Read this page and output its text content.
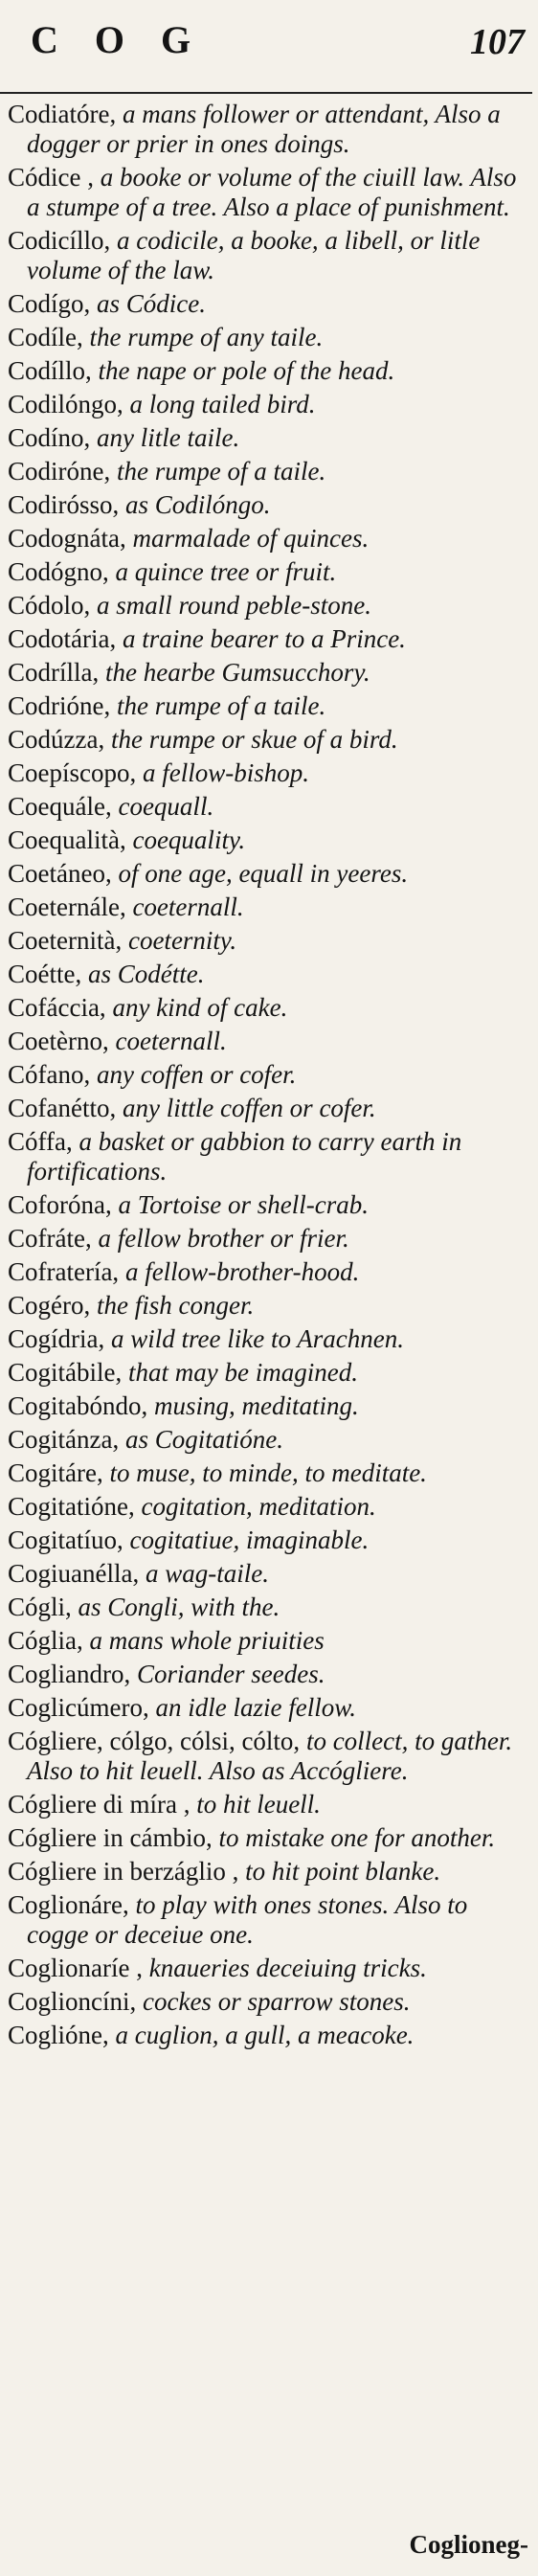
COG	107

Codiatóre, a mans follower or attendant, Also a dogger or prier in ones doings.

Códice , a booke or volume of the ciuill law. Also a stumpe of a tree. Also a place of punishment.

Codicíllo, a codicile, a booke, a libell, or litle volume of the law.

Codígo, as Códice.

Codíle, the rumpe of any taile.

Codíllo, the nape or pole of the head.

Codilóngo, a long tailed bird.

Codíno, any litle taile.

Codiróne, the rumpe of a taile.

Codirósso, as Codilóngo.

Codognáta, marmalade of quinces.

Codógno, a quince tree or fruit.

Códolo, a small round peble-stone.

Codotária, a traine bearer to a Prince.

Codrílla, the hearbe Gumsucchory.

Codrióne, the rumpe of a taile.

Codúzza, the rumpe or skue of a bird.

Coepíscopo, a fellow-bishop.

Coequále, coequall.

Coequalità, coequality.

Coetáneo, of one age, equall in yeeres.

Coeternále, coeternall.

Coeternità, coeternity.

Coétte, as Codétte.

Cofáccia, any kind of cake.

Coetèrno, coeternall.

Cófano, any coffen or cofer.

Cofanétto, any little coffen or cofer.

Cóffa, a basket or gabbion to carry earth in fortifications.

Coforóna, a Tortoise or shell-crab.

Cofráte, a fellow brother or frier.

Cofratería, a fellow-brother-hood.

Cogéro, the fish conger.

Cogídria, a wild tree like to Arachnen.

Cogitábile, that may be imagined.

Cogitabóndo, musing, meditating.

Cogitánza, as Cogitatióne.

Cogitáre, to muse, to minde, to meditate.

Cogitatióne, cogitation, meditation.

Cogitatíuo, cogitatiue, imaginable.

Cogiuanélla, a wag-taile.

Cógli, as Congli, with the.

Cóglia, a mans whole priuities

Cogliandro, Coriander seedes.

Coglicúmero, an idle lazie fellow.

Cógliere, cólgo, cólsi, cólto, to collect, to gather. Also to hit leuell. Also as Accógliere.

Cógliere di míra , to hit leuell.

Cógliere in cámbio, to mistake one for another.

Cógliere in berzáglio , to hit point blanke.

Coglionáre, to play with ones stones. Also to cogge or deceiue one.

Coglionaríe , knaueries deceiuing tricks.

Coglioncíni, cockes or sparrow stones.

Coglióne, a cuglion, a gull, a meacoke.

Coglioneg-
